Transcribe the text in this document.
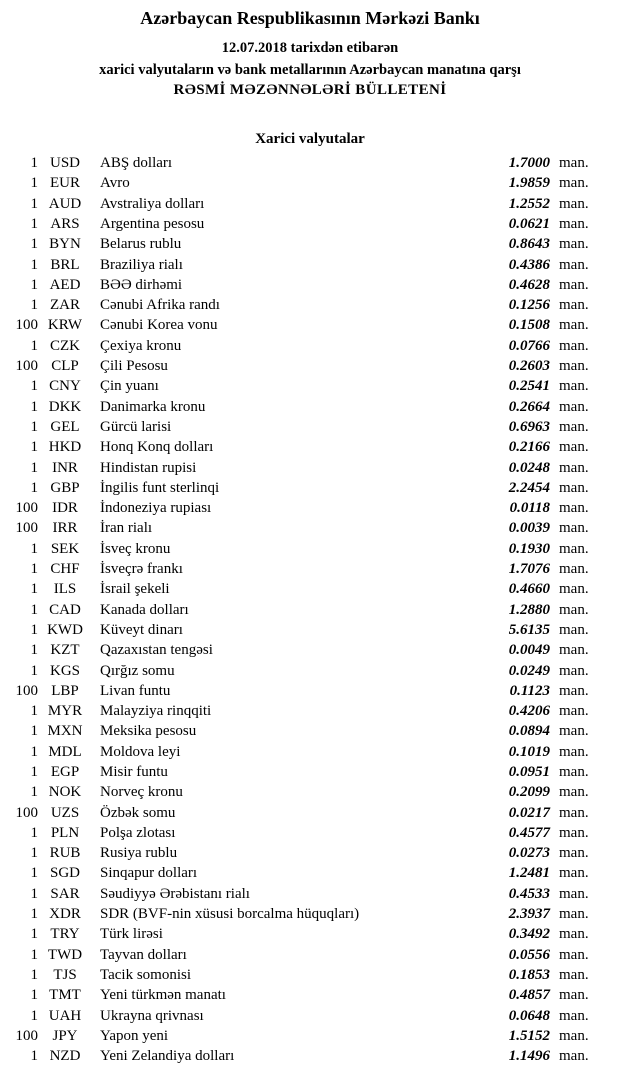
Azərbaycan Respublikasının Mərkəzi Bankı
12.07.2018 tarixdən etibarən
xarici valyutaların və bank metallarının Azərbaycan manatına qarşı
RƏSMİ MƏZƏNNƏLƏRİ BÜLLETENİ
Xarici valyutalar
1 USD	ABŞ dolları	1.7000 man.
1 EUR	Avro	1.9859 man.
1 AUD	Avstraliya dolları	1.2552 man.
1 ARS	Argentina pesosu	0.0621 man.
1 BYN	Belarus rublu	0.8643 man.
1 BRL	Braziliya rialı	0.4386 man.
1 AED	BƏƏ dirhəmi	0.4628 man.
1 ZAR	Cənubi Afrika randı	0.1256 man.
100 KRW	Cənubi Korea vonu	0.1508 man.
1 CZK	Çexiya kronu	0.0766 man.
100 CLP	Çili Pesosu	0.2603 man.
1 CNY	Çin yuanı	0.2541 man.
1 DKK	Danimarka kronu	0.2664 man.
1 GEL	Gürcü larisi	0.6963 man.
1 HKD	Honq Konq dolları	0.2166 man.
1 INR	Hindistan rupisi	0.0248 man.
1 GBP	İngilis funt sterlinqi	2.2454 man.
100 IDR	İndoneziya rupiası	0.0118 man.
100 IRR	İran rialı	0.0039 man.
1 SEK	İsveç kronu	0.1930 man.
1 CHF	İsveçrə frankı	1.7076 man.
1	ILS	İsrail şekeli	0.4660 man.
1 CAD	Kanada dolları	1.2880 man.
1 KWD	Küveyt dinarı	5.6135 man.
1 KZT	Qazaxıstan tengəsi	0.0049 man.
1 KGS	Qırğız somu	0.0249 man.
100 LBP	Livan funtu	0.1123 man.
1 MYR	Malayziya rinqqiti	0.4206 man.
1 MXN	Meksika pesosu	0.0894 man.
1 MDL	Moldova leyi	0.1019 man.
1 EGP	Misir funtu	0.0951 man.
1 NOK	Norveç kronu	0.2099 man.
100 UZS	Özbək somu	0.0217 man.
1 PLN	Polşa zlotası	0.4577 man.
1 RUB	Rusiya rublu	0.0273 man.
1 SGD	Sinqapur dolları	1.2481 man.
1 SAR	Səudiyyə Ərəbistanı rialı	0.4533 man.
1 XDR	SDR (BVF-nin xüsusi borcalma hüquqları)	2.3937 man.
1 TRY	Türk lirəsi	0.3492 man.
1 TWD	Tayvan dolları	0.0556 man.
1	TJS	Tacik somonisi	0.1853 man.
1 TMT	Yeni türkmən manatı	0.4857 man.
1 UAH	Ukrayna qrivnası	0.0648 man.
100 JPY	Yapon yeni	1.5152 man.
1 NZD	Yeni Zelandiya dolları	1.1496 man.
